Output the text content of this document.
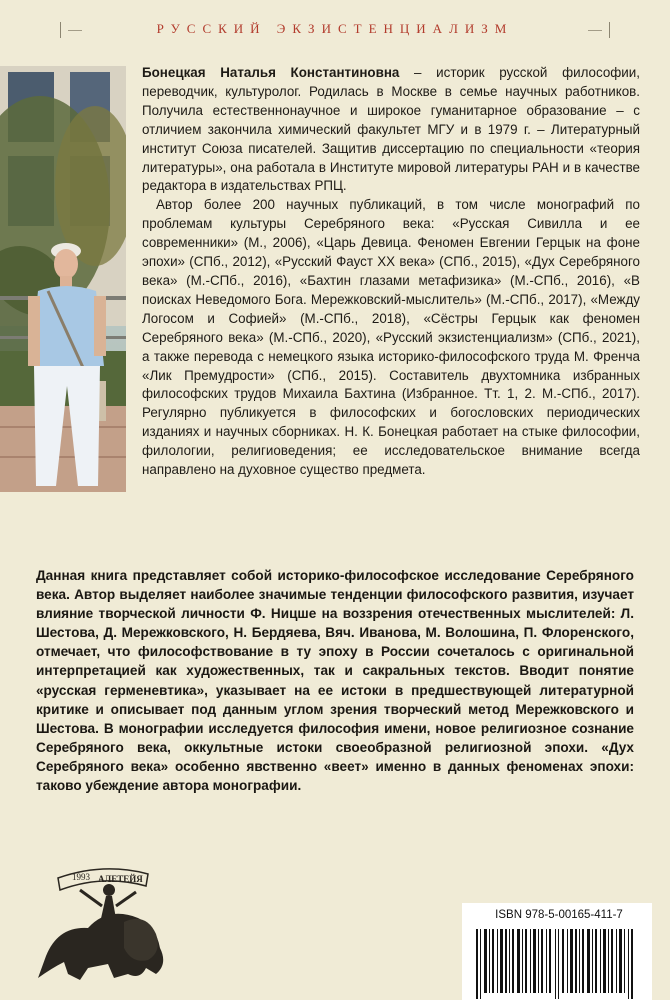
РУССКИЙ ЭКЗИСТЕНЦИАЛИЗМ

Бонецкая Наталья Константиновна – историк русской философии, переводчик, культуролог. Родилась в Москве в семье научных работников. Получила естественнонаучное и широкое гуманитарное образование – с отличием закончила химический факультет МГУ и в 1979 г. – Литературный институт Союза писателей. Защитив диссертацию по специальности «теория литературы», она работала в Институте мировой литературы РАН и в качестве редактора в издательствах РПЦ.

Автор более 200 научных публикаций, в том числе монографий по проблемам культуры Серебряного века: «Русская Сивилла и ее современники» (М., 2006), «Царь Девица. Феномен Евгении Герцык на фоне эпохи» (СПб., 2012), «Русский Фауст ХХ века» (СПб., 2015), «Дух Серебряного века» (М.-СПб., 2016), «Бахтин глазами метафизика» (М.-СПб., 2016), «В поисках Неведомого Бога. Мережковский-мыслитель» (М.-СПб., 2017), «Между Логосом и Софией» (М.-СПб., 2018), «Сёстры Герцык как феномен Серебряного века» (М.-СПб., 2020), «Русский экзистенциализм» (СПб., 2021), а также перевода с немецкого языка историко-философского труда М. Френча «Лик Премудрости» (СПб., 2015). Составитель двухтомника избранных философских трудов Михаила Бахтина (Избранное. Тт. 1, 2. М.-СПб., 2017). Регулярно публикуется в философских и богословских периодических изданиях и научных сборниках. Н. К. Бонецкая работает на стыке философии, филологии, религиоведения; ее исследовательское внимание всегда направлено на духовное существо предмета.

Данная книга представляет собой историко-философское исследование Серебряного века. Автор выделяет наиболее значимые тенденции философского развития, изучает влияние творческой личности Ф. Ницше на воззрения отечественных мыслителей: Л. Шестова, Д. Мережковского, Н. Бердяева, Вяч. Иванова, М. Волошина, П. Флоренского, отмечает, что философствование в ту эпоху в России сочеталось с оригинальной интерпретацией как художественных, так и сакральных текстов. Вводит понятие «русская герменевтика», указывает на ее истоки в предшествующей литературной критике и описывает под данным углом зрения творческий метод Мережковского и Шестова. В монографии исследуется философия имени, новое религиозное сознание Серебряного века, оккультные истоки своеобразной религиозной эпохи. «Дух Серебряного века» особенно явственно «веет» именно в данных феноменах эпохи: таково убеждение автора монографии.
1993 АЛЕТЕЙЯ
ISBN 978-5-00165-411-7
